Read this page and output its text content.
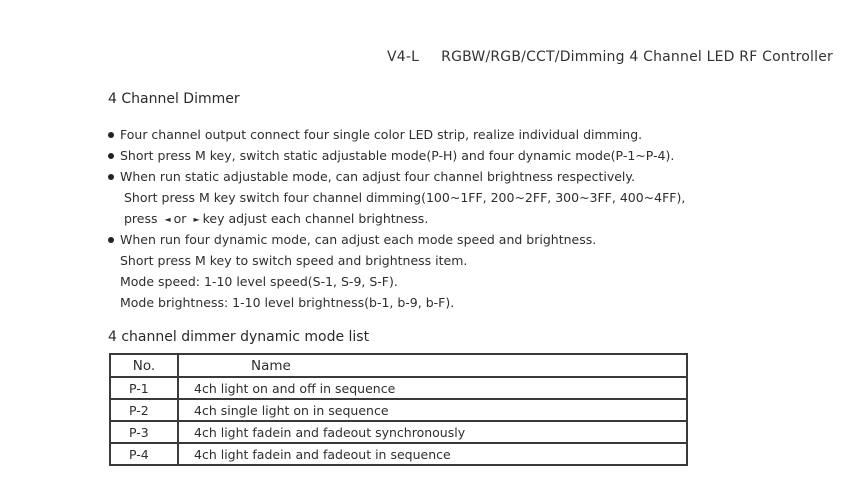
V4-L RGBW/RGB/CCT/Dimming 4 Channel LED RF Controller
4 Channel Dimmer
Four channel output connect four single color LED strip, realize individual dimming.
Short press M key, switch static adjustable mode(P-H) and four dynamic mode(P-1~P-4).
When run static adjustable mode, can adjust four channel brightness respectively.
Short press M key switch four channel dimming(100~1FF, 200~2FF, 300~3FF, 400~4FF),
press ◄ or ► key adjust each channel brightness.
When run four dynamic mode, can adjust each mode speed and brightness.
Short press M key to switch speed and brightness item.
Mode speed: 1-10 level speed(S-1, S-9, S-F).
Mode brightness: 1-10 level brightness(b-1, b-9, b-F).
4 channel dimmer dynamic mode list
No.	Name
P-1	4ch light on and off in sequence
P-2	4ch single light on in sequence
P-3	4ch light fadein and fadeout synchronously
P-4	4ch light fadein and fadeout in sequence
